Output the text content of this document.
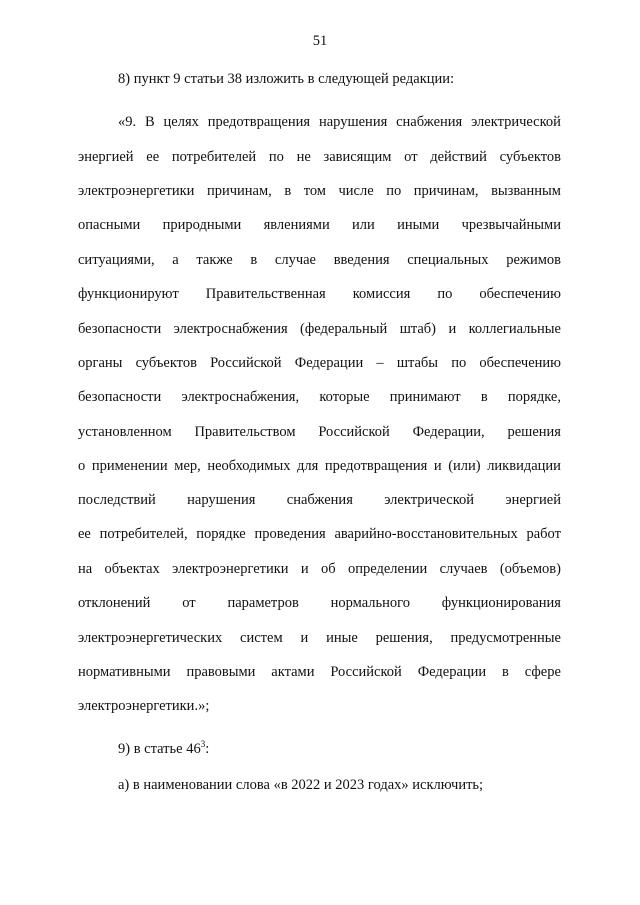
51
8) пункт 9 статьи 38 изложить в следующей редакции:
«9. В целях предотвращения нарушения снабжения электрической
энергией ее потребителей по не зависящим от действий субъектов
электроэнергетики причинам, в том числе по причинам, вызванным
опасными природными явлениями или иными чрезвычайными
ситуациями, а также в случае введения специальных режимов
функционируют Правительственная комиссия по обеспечению
безопасности электроснабжения (федеральный штаб) и коллегиальные
органы субъектов Российской Федерации – штабы по обеспечению
безопасности электроснабжения, которые принимают в порядке,
установленном Правительством Российской Федерации, решения
о применении мер, необходимых для предотвращения и (или) ликвидации
последствий нарушения снабжения электрической энергией
ее потребителей, порядке проведения аварийно-восстановительных работ
на объектах электроэнергетики и об определении случаев (объемов)
отклонений от параметров нормального функционирования
электроэнергетических систем и иные решения, предусмотренные
нормативными правовыми актами Российской Федерации в сфере
электроэнергетики.»;
9) в статье $46^3$:
а) в наименовании слова «в 2022 и 2023 годах» исключить;
